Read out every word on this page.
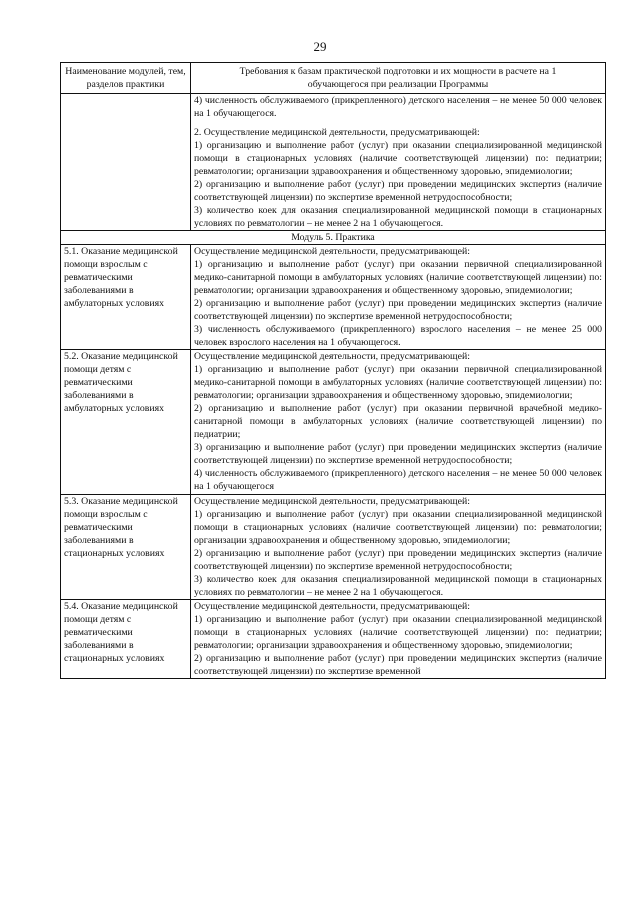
29
Наименование модулей, тем, разделов практики	Требования к базам практической подготовки и их мощности в расчете на 1 обучающегося при реализации Программы

	4) численность обслуживаемого (прикрепленного) детского населения – не менее 50 000 человек на 1 обучающегося.

2. Осуществление медицинской деятельности, предусматривающей:

1) организацию и выполнение работ (услуг) при оказании специализированной медицинской помощи в стационарных условиях (наличие соответствующей лицензии) по: педиатрии; ревматологии; организации здравоохранения и общественному здоровью, эпидемиологии;

2) организацию и выполнение работ (услуг) при проведении медицинских экспертиз (наличие соответствующей лицензии) по экспертизе временной нетрудоспособности;

3) количество коек для оказания специализированной медицинской помощи в стационарных условиях по ревматологии – не менее 2 на 1 обучающегося.

Модуль 5. Практика	
5.1. Оказание медицинской помощи взрослым с ревматическими заболеваниями в амбулаторных условиях	Осуществление медицинской деятельности, предусматривающей:

1) организацию и выполнение работ (услуг) при оказании первичной специализированной медико-санитарной помощи в амбулаторных условиях (наличие соответствующей лицензии) по: ревматологии; организации здравоохранения и общественному здоровью, эпидемиологии;

2) организацию и выполнение работ (услуг) при проведении медицинских экспертиз (наличие соответствующей лицензии) по экспертизе временной нетрудоспособности;

3) численность обслуживаемого (прикрепленного) взрослого населения – не менее 25 000 человек взрослого населения на 1 обучающегося.

5.2. Оказание медицинской помощи детям с ревматическими заболеваниями в амбулаторных условиях	Осуществление медицинской деятельности, предусматривающей:

1) организацию и выполнение работ (услуг) при оказании первичной специализированной медико-санитарной помощи в амбулаторных условиях (наличие соответствующей лицензии) по: ревматологии; организации здравоохранения и общественному здоровью, эпидемиологии;

2) организацию и выполнение работ (услуг) при оказании первичной врачебной медико-санитарной помощи в амбулаторных условиях (наличие соответствующей лицензии) по педиатрии;

3) организацию и выполнение работ (услуг) при проведении медицинских экспертиз (наличие соответствующей лицензии) по экспертизе временной нетрудоспособности;

4) численность обслуживаемого (прикрепленного) детского населения – не менее 50 000 человек на 1 обучающегося

5.3. Оказание медицинской помощи взрослым с ревматическими заболеваниями в стационарных условиях	Осуществление медицинской деятельности, предусматривающей:

1) организацию и выполнение работ (услуг) при оказании специализированной медицинской помощи в стационарных условиях (наличие соответствующей лицензии) по: ревматологии; организации здравоохранения и общественному здоровью, эпидемиологии;

2) организацию и выполнение работ (услуг) при проведении медицинских экспертиз (наличие соответствующей лицензии) по экспертизе временной нетрудоспособности;

3) количество коек для оказания специализированной медицинской помощи в стационарных условиях по ревматологии – не менее 2 на 1 обучающегося.

5.4. Оказание медицинской помощи детям с ревматическими заболеваниями в стационарных условиях	Осуществление медицинской деятельности, предусматривающей:

1) организацию и выполнение работ (услуг) при оказании специализированной медицинской помощи в стационарных условиях (наличие соответствующей лицензии) по: педиатрии; ревматологии; организации здравоохранения и общественному здоровью, эпидемиологии;

2) организацию и выполнение работ (услуг) при проведении медицинских экспертиз (наличие соответствующей лицензии) по экспертизе временной
